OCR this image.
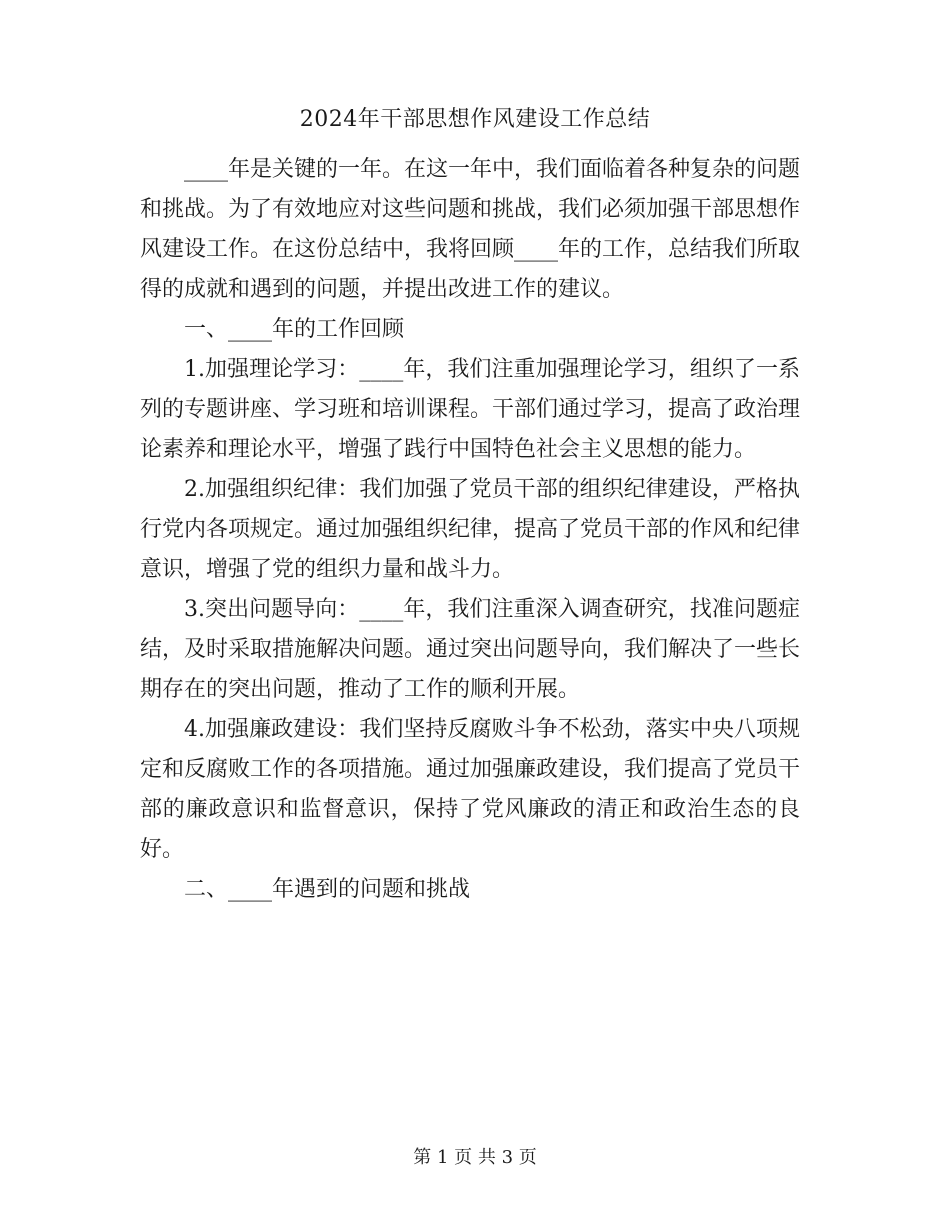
2024年干部思想作风建设工作总结

____年是关键的一年。在这一年中，我们面临着各种复杂的问题和挑战。为了有效地应对这些问题和挑战，我们必须加强干部思想作风建设工作。在这份总结中，我将回顾____年的工作，总结我们所取得的成就和遇到的问题，并提出改进工作的建议。

一、____年的工作回顾

1.加强理论学习：____年，我们注重加强理论学习，组织了一系列的专题讲座、学习班和培训课程。干部们通过学习，提高了政治理论素养和理论水平，增强了践行中国特色社会主义思想的能力。

2.加强组织纪律：我们加强了党员干部的组织纪律建设，严格执行党内各项规定。通过加强组织纪律，提高了党员干部的作风和纪律意识，增强了党的组织力量和战斗力。

3.突出问题导向：____年，我们注重深入调查研究，找准问题症结，及时采取措施解决问题。通过突出问题导向，我们解决了一些长期存在的突出问题，推动了工作的顺利开展。

4.加强廉政建设：我们坚持反腐败斗争不松劲，落实中央八项规定和反腐败工作的各项措施。通过加强廉政建设，我们提高了党员干部的廉政意识和监督意识，保持了党风廉政的清正和政治生态的良好。

二、____年遇到的问题和挑战

第 1 页 共 3 页
